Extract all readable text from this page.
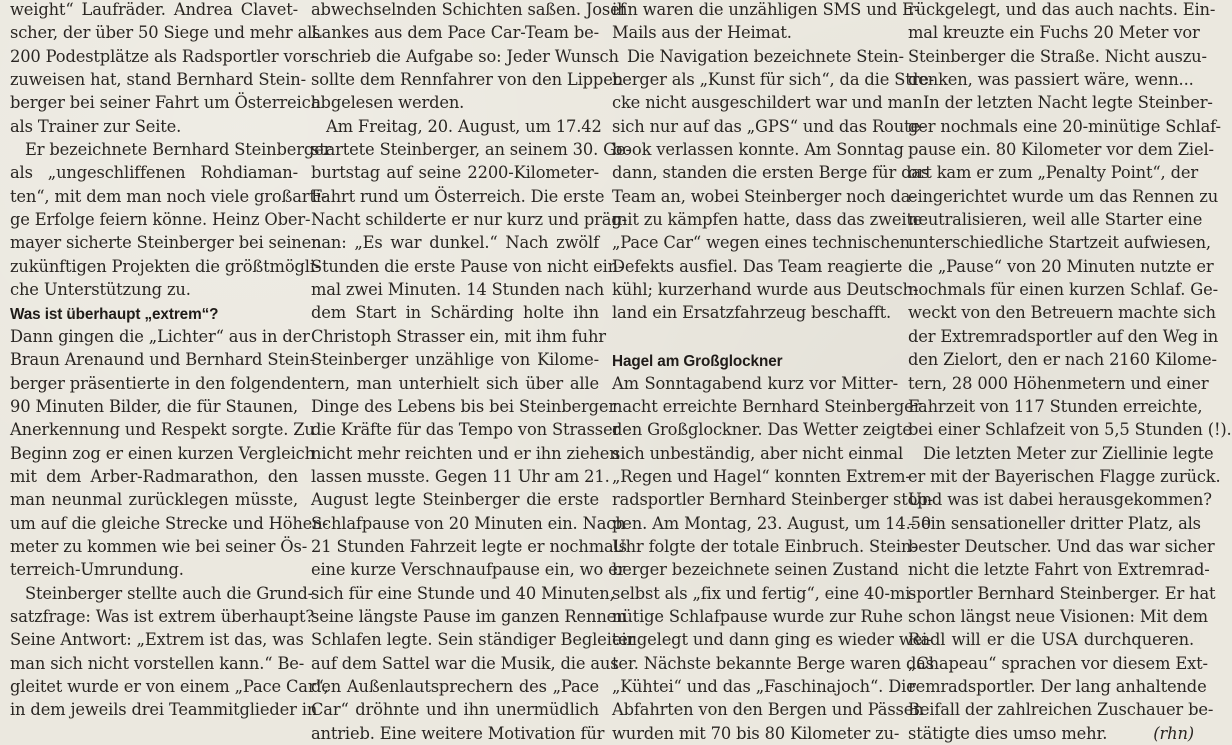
weight“ Laufräder. Andrea Clavet-
scher, der über 50 Siege und mehr als
200 Podestplätze als Radsportler vor-
zuweisen hat, stand Bernhard Stein-
berger bei seiner Fahrt um Österreich
als Trainer zur Seite.
Er bezeichnete Bernhard Steinberger
als „ungeschliffenen Rohdiaman-
ten“, mit dem man noch viele großarti-
ge Erfolge feiern könne. Heinz Ober-
mayer sicherte Steinberger bei seinen
zukünftigen Projekten die größtmögli-
che Unterstützung zu.
Was ist überhaupt „extrem“?
Dann gingen die „Lichter“ aus in der
Braun Arenaund und Bernhard Stein-
berger präsentierte in den folgenden
90 Minuten Bilder, die für Staunen,
Anerkennung und Respekt sorgte. Zu
Beginn zog er einen kurzen Vergleich
mit dem Arber-Radmarathon, den
man neunmal zurücklegen müsste,
um auf die gleiche Strecke und Höhen-
meter zu kommen wie bei seiner Ös-
terreich-Umrundung.
Steinberger stellte auch die Grund-
satzfrage: Was ist extrem überhaupt?
Seine Antwort: „Extrem ist das, was
man sich nicht vorstellen kann.“ Be-
gleitet wurde er von einem „Pace Car“,
in dem jeweils drei Teammitglieder in
abwechselnden Schichten saßen. Josef
Lankes aus dem Pace Car-Team be-
schrieb die Aufgabe so: Jeder Wunsch
sollte dem Rennfahrer von den Lippen
abgelesen werden.
Am Freitag, 20. August, um 17.42
startete Steinberger, an seinem 30. Ge-
burtstag auf seine 2200-Kilometer-
Fahrt rund um Österreich. Die erste
Nacht schilderte er nur kurz und präg-
nan: „Es war dunkel.“ Nach zwölf
Stunden die erste Pause von nicht ein-
mal zwei Minuten. 14 Stunden nach
dem Start in Schärding holte ihn
Christoph Strasser ein, mit ihm fuhr
Steinberger unzählige von Kilome-
tern, man unterhielt sich über alle
Dinge des Lebens bis bei Steinberger
die Kräfte für das Tempo von Strasser
nicht mehr reichten und er ihn ziehen
lassen musste. Gegen 11 Uhr am 21.
August legte Steinberger die erste
Schlafpause von 20 Minuten ein. Nach
21 Stunden Fahrzeit legte er nochmals
eine kurze Verschnaufpause ein, wo er
sich für eine Stunde und 40 Minuten,
seine längste Pause im ganzen Rennen
Schlafen legte. Sein ständiger Begleiter
auf dem Sattel war die Musik, die aus
den Außenlautsprechern des „Pace
Car“ dröhnte und ihn unermüdlich
antrieb. Eine weitere Motivation für
ihn waren die unzähligen SMS und E-
Mails aus der Heimat.
Die Navigation bezeichnete Stein-
berger als „Kunst für sich“, da die Stre-
cke nicht ausgeschildert war und man
sich nur auf das „GPS“ und das Route-
book verlassen konnte. Am Sonntag
dann, standen die ersten Berge für das
Team an, wobei Steinberger noch da-
mit zu kämpfen hatte, dass das zweite
„Pace Car“ wegen eines technischen
Defekts ausfiel. Das Team reagierte
kühl; kurzerhand wurde aus Deutsch-
land ein Ersatzfahrzeug beschafft.
Hagel am Großglockner
Am Sonntagabend kurz vor Mitter-
nacht erreichte Bernhard Steinberger
den Großglockner. Das Wetter zeigte
sich unbeständig, aber nicht einmal
„Regen und Hagel“ konnten Extrem-
radsportler Bernhard Steinberger stop-
pen. Am Montag, 23. August, um 14.50
Uhr folgte der totale Einbruch. Stein-
berger bezeichnete seinen Zustand
selbst als „fix und fertig“, eine 40-mi-
nütige Schlafpause wurde zur Ruhe
eingelegt und dann ging es wieder wei-
ter. Nächste bekannte Berge waren das
„Kühtei“ und das „Faschinajoch“. Die
Abfahrten von den Bergen und Pässen
wurden mit 70 bis 80 Kilometer zu-
rückgelegt, und das auch nachts. Ein-
mal kreuzte ein Fuchs 20 Meter vor
Steinberger die Straße. Nicht auszu-
denken, was passiert wäre, wenn...
In der letzten Nacht legte Steinber-
ger nochmals eine 20-minütige Schlaf-
pause ein. 80 Kilometer vor dem Ziel-
ort kam er zum „Penalty Point“, der
eingerichtet wurde um das Rennen zu
neutralisieren, weil alle Starter eine
unterschiedliche Startzeit aufwiesen,
die „Pause“ von 20 Minuten nutzte er
nochmals für einen kurzen Schlaf. Ge-
weckt von den Betreuern machte sich
der Extremradsportler auf den Weg in
den Zielort, den er nach 2160 Kilome-
tern, 28 000 Höhenmetern und einer
Fahrzeit von 117 Stunden erreichte,
bei einer Schlafzeit von 5,5 Stunden (!).
Die letzten Meter zur Ziellinie legte
er mit der Bayerischen Flagge zurück.
Und was ist dabei herausgekommen?
– ein sensationeller dritter Platz, als
bester Deutscher. Und das war sicher
nicht die letzte Fahrt von Extremrad-
sportler Bernhard Steinberger. Er hat
schon längst neue Visionen: Mit dem
Radl will er die USA durchqueren.
„Chapeau“ sprachen vor diesem Ext-
remradsportler. Der lang anhaltende
Beifall der zahlreichen Zuschauer be-
stätigte dies umso mehr.	(rhn)
